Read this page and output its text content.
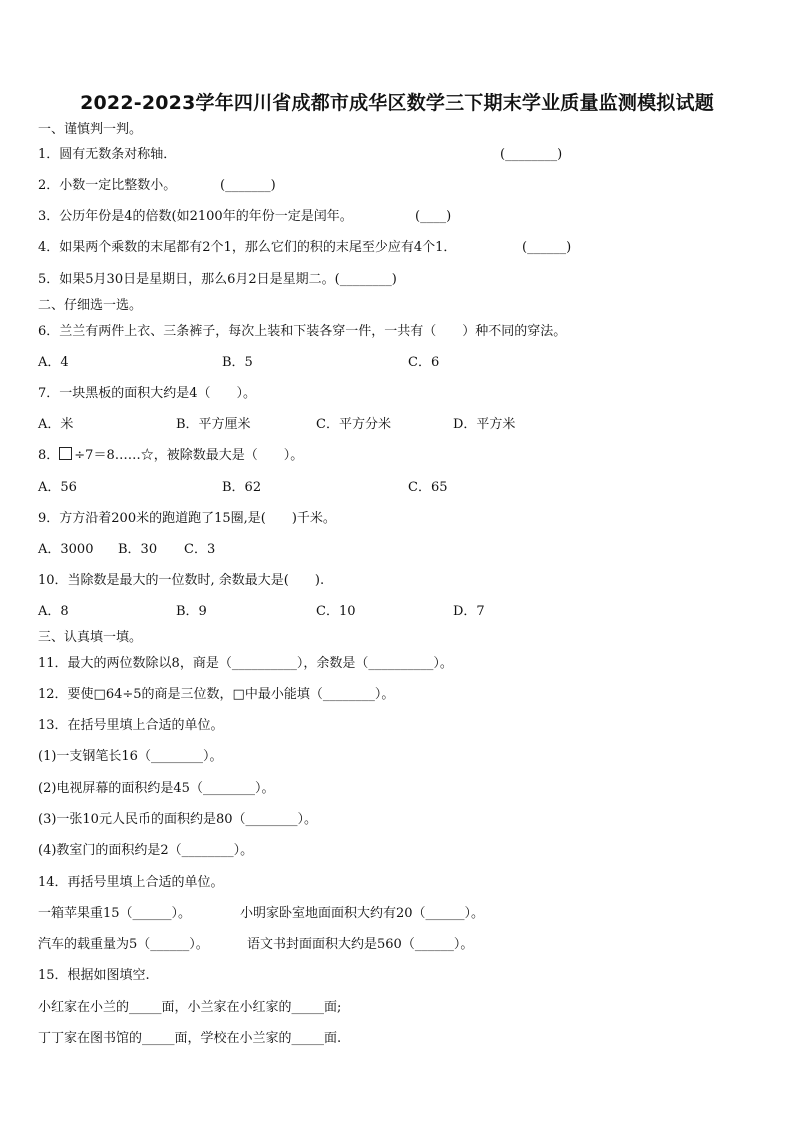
2022-2023学年四川省成都市成华区数学三下期末学业质量监测模拟试题
一、谨慎判一判。
1．圆有无数条对称轴．	(________)
2．小数一定比整数小。	(_______)
3．公历年份是4的倍数(如2100年的年份一定是闰年。	(____)
4．如果两个乘数的末尾都有2个1，那么它们的积的末尾至少应有4个1．	(______)
5．如果5月30日是星期日，那么6月2日是星期二。(________)
二、仔细选一选。
6．兰兰有两件上衣、三条裤子，每次上装和下装各穿一件，一共有（　　）种不同的穿法。
A．4	B．5	C．6
7．一块黑板的面积大约是4（　　）。
A．米	B．平方厘米	C．平方分米	D．平方米
8． ÷7＝8……☆，被除数最大是（　　）。
A．56	B．62	C．65
9．方方沿着200米的跑道跑了15圈,是(　　)千米。
A．3000 B．30 C．3
10．当除数是最大的一位数时, 余数最大是(　　).
A．8	B．9	C．10	D．7
三、认真填一填。
11．最大的两位数除以8，商是（__________），余数是（__________）。
12．要使□64÷5的商是三位数，□中最小能填（________）。
13．在括号里填上合适的单位。
(1)一支钢笔长16（________）。
(2)电视屏幕的面积约是45（________）。
(3)一张10元人民币的面积约是80（________）。
(4)教室门的面积约是2（________）。
14．再括号里填上合适的单位。
一箱苹果重15（______）。	小明家卧室地面面积大约有20（______）。
汽车的载重量为5（______）。	语文书封面面积大约是560（______）。
15．根据如图填空.
小红家在小兰的_____面，小兰家在小红家的_____面;
丁丁家在图书馆的_____面，学校在小兰家的_____面.
